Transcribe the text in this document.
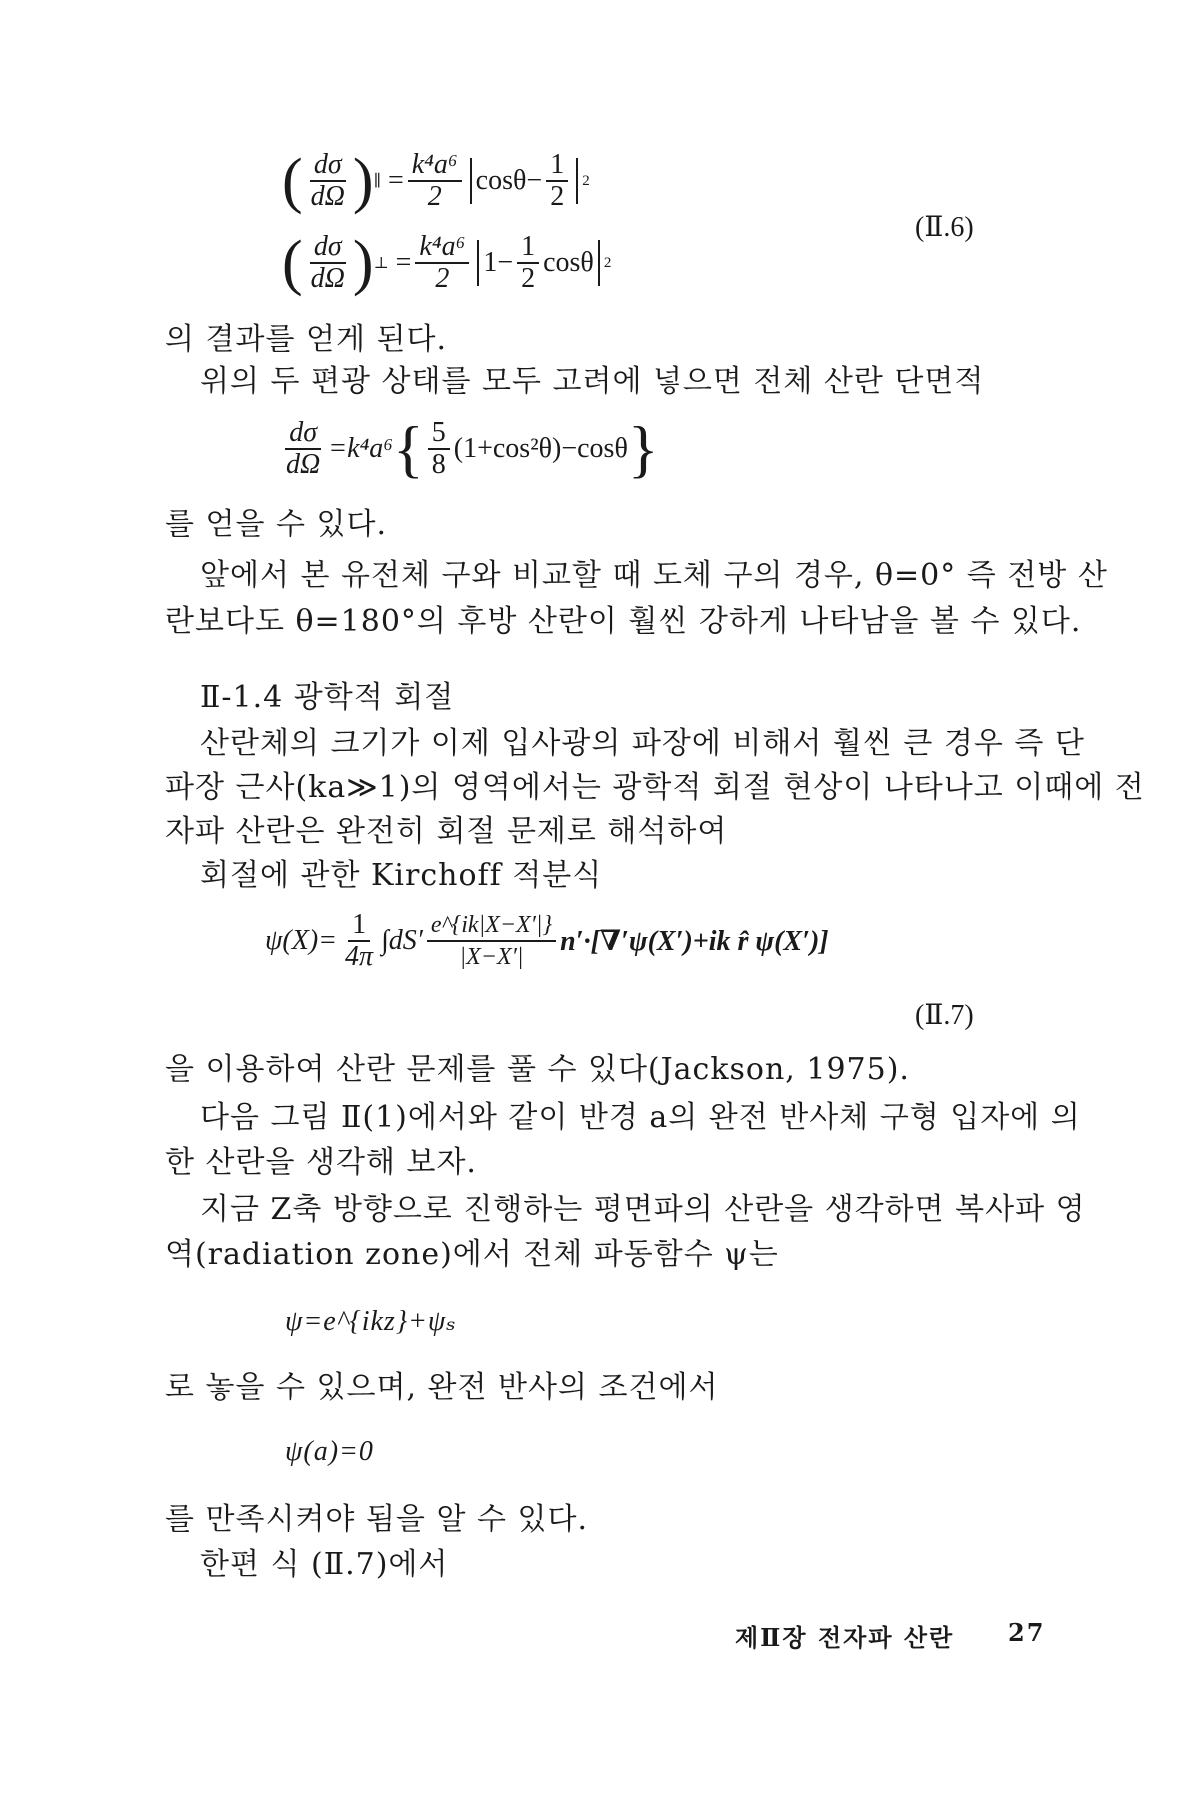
( $\frac{d\sigma}{d\Omega}$ ) ∥ = $\frac{\text{k⁴a⁶}}{2} \cos\theta- \frac{1}{2} 2$
( $\frac{d\sigma}{d\Omega}$ ) ⊥ = $\frac{\text{k⁴a⁶}}{2} 1- \frac{1}{2}$ cosθ 2
(Ⅱ.6)
의 결과를 얻게 된다.
위의 두 편광 상태를 모두 고려에 넣으면 전체 산란 단면적
$\frac{d\sigma}{d\Omega} =k^4a^6$ { $\frac{5}{8} (1+\cos^2\theta)-\cos\theta$ }
를 얻을 수 있다.
앞에서 본 유전체 구와 비교할 때 도체 구의 경우, θ=0° 즉 전방 산
란보다도 θ=180°의 후방 산란이 훨씬 강하게 나타남을 볼 수 있다.
Ⅱ-1.4 광학적 회절
산란체의 크기가 이제 입사광의 파장에 비해서 훨씬 큰 경우 즉 단
파장 근사(ka≫1)의 영역에서는 광학적 회절 현상이 나타나고 이때에 전
자파 산란은 완전히 회절 문제로 해석하여
회절에 관한 Kirchoff 적분식
$\psi(X)= \frac{1}{4\pi} \int dS' \frac{e\^{}\{ik|X-X'|\}}{|X-X'|} n'\cdot[\nabla'\psi(X')+ik$ r̂ ψ(X′)]
(Ⅱ.7)
을 이용하여 산란 문제를 풀 수 있다(Jackson, 1975).
다음 그림 Ⅱ(1)에서와 같이 반경 a의 완전 반사체 구형 입자에 의
한 산란을 생각해 보자.
지금 Z축 방향으로 진행하는 평면파의 산란을 생각하면 복사파 영
역(radiation zone)에서 전체 파동함수 ψ는
ψ=e^{ikz}+ψₛ
로 놓을 수 있으며, 완전 반사의 조건에서
ψ(a)=0
를 만족시켜야 됨을 알 수 있다.
한편 식 (Ⅱ.7)에서
제Ⅱ장 전자파 산란 27
